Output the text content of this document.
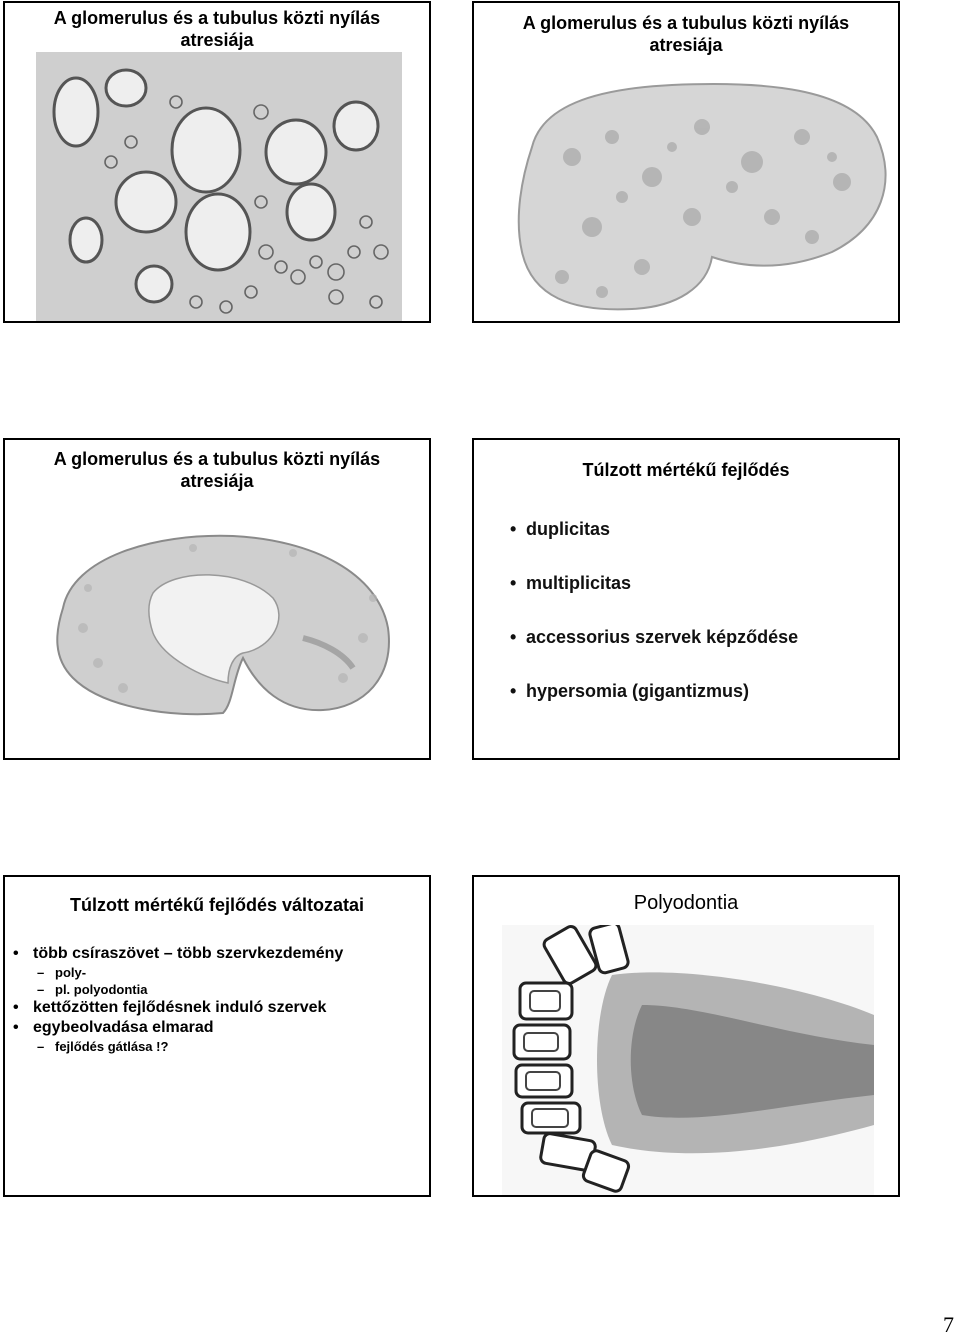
A glomerulus és a tubulus közti nyílás
atresiája
A glomerulus és a tubulus közti nyílás
atresiája
A glomerulus és a tubulus közti nyílás
atresiája
Túlzott mértékű fejlődés
• duplicitas
• multiplicitas
• accessorius szervek képződése
• hypersomia (gigantizmus)
Túlzott mértékű fejlődés változatai
• több csíraszövet – több szervkezdemény
– poly-
– pl. polyodontia
• kettőzötten fejlődésnek induló szervek
• egybeolvadása elmarad
– fejlődés gátlása !?
Polyodontia
7
